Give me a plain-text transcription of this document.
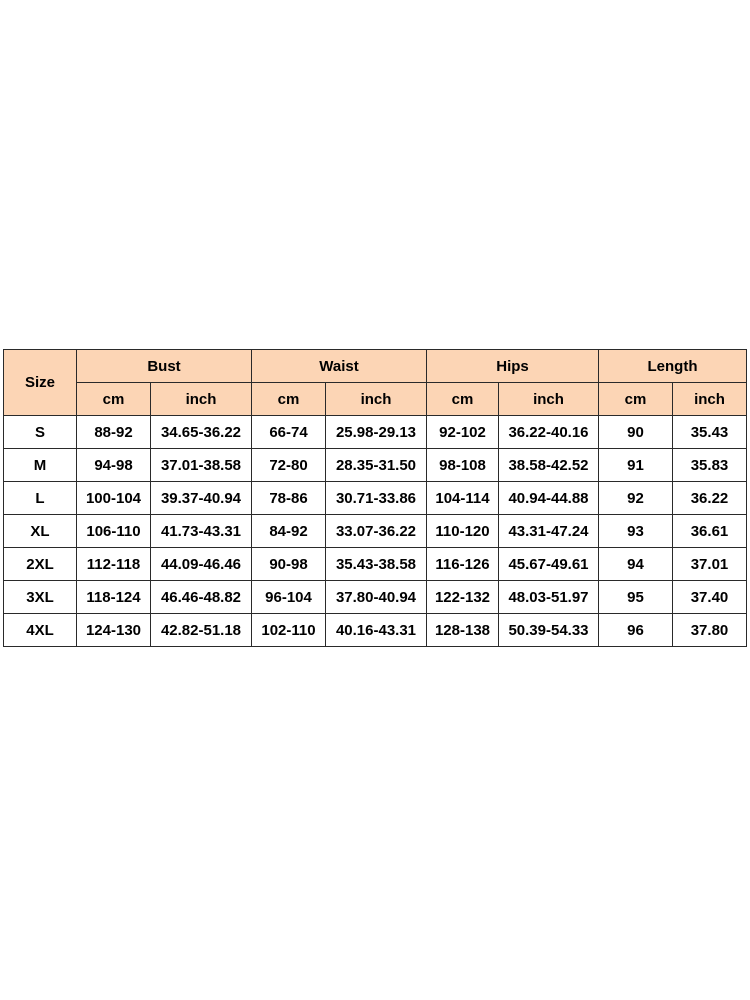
Size	Bust		Waist		Hips		Length	
	cm	inch	cm	inch	cm	inch	cm	inch
S	88-92	34.65-36.22	66-74	25.98-29.13	92-102	36.22-40.16	90	35.43
M	94-98	37.01-38.58	72-80	28.35-31.50	98-108	38.58-42.52	91	35.83
L	100-104	39.37-40.94	78-86	30.71-33.86	104-114	40.94-44.88	92	36.22
XL	106-110	41.73-43.31	84-92	33.07-36.22	110-120	43.31-47.24	93	36.61
2XL	112-118	44.09-46.46	90-98	35.43-38.58	116-126	45.67-49.61	94	37.01
3XL	118-124	46.46-48.82	96-104	37.80-40.94	122-132	48.03-51.97	95	37.40
4XL	124-130	42.82-51.18	102-110	40.16-43.31	128-138	50.39-54.33	96	37.80
